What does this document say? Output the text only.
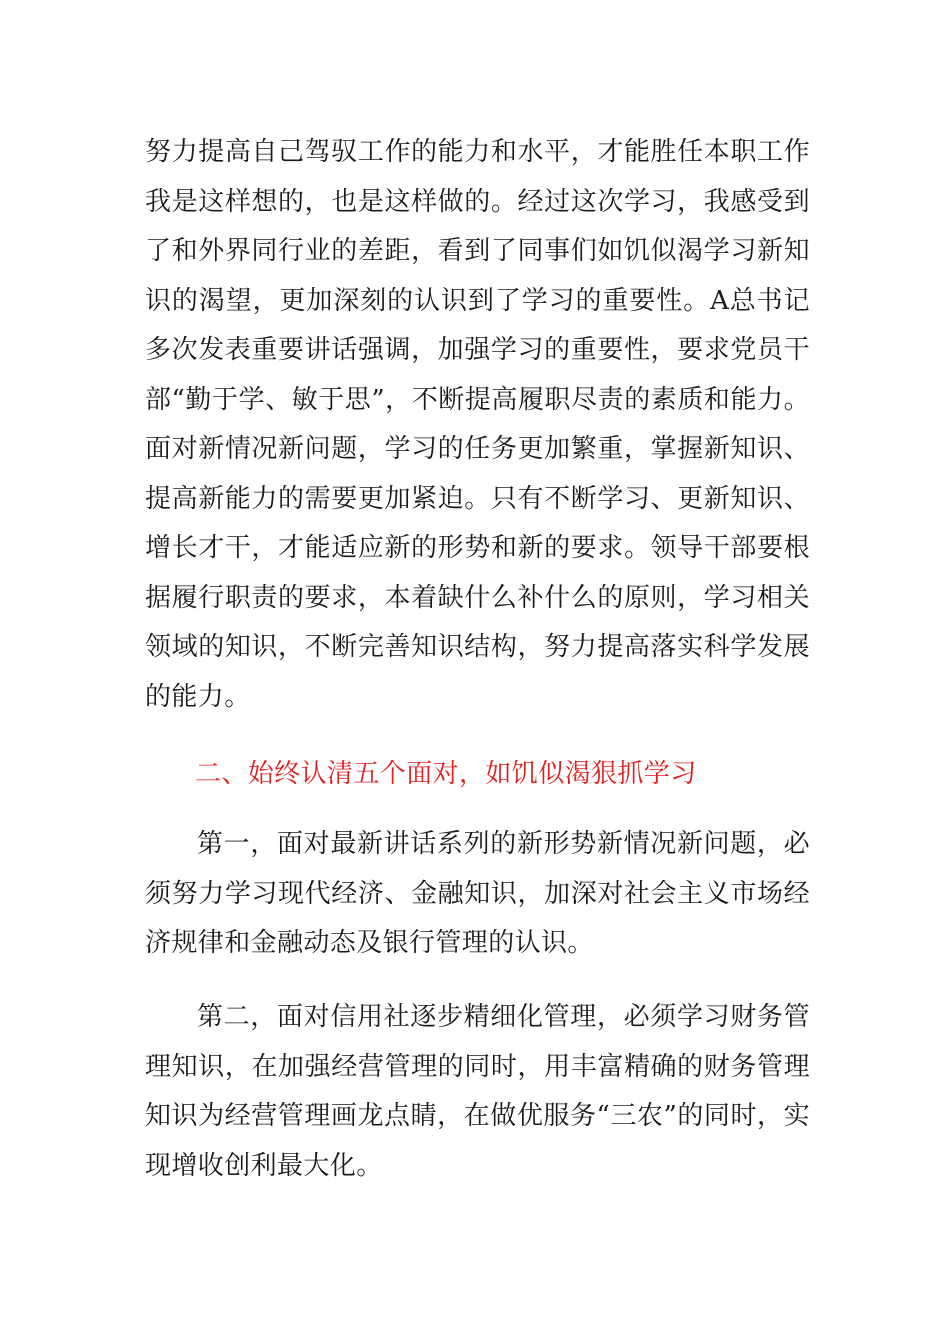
努力提高自己驾驭工作的能力和水平，才能胜任本职工作我是这样想的，也是这样做的。经过这次学习，我感受到了和外界同行业的差距，看到了同事们如饥似渴学习新知识的渴望，更加深刻的认识到了学习的重要性。A总书记多次发表重要讲话强调，加强学习的重要性，要求党员干部“勤于学、敏于思”，不断提高履职尽责的素质和能力。面对新情况新问题，学习的任务更加繁重，掌握新知识、提高新能力的需要更加紧迫。只有不断学习、更新知识、增长才干，才能适应新的形势和新的要求。领导干部要根据履行职责的要求，本着缺什么补什么的原则，学习相关领域的知识，不断完善知识结构，努力提高落实科学发展的能力。

二、始终认清五个面对，如饥似渴狠抓学习

第一，面对最新讲话系列的新形势新情况新问题，必须努力学习现代经济、金融知识，加深对社会主义市场经济规律和金融动态及银行管理的认识。

第二，面对信用社逐步精细化管理，必须学习财务管理知识，在加强经营管理的同时，用丰富精确的财务管理知识为经营管理画龙点睛，在做优服务“三农”的同时，实现增收创利最大化。
